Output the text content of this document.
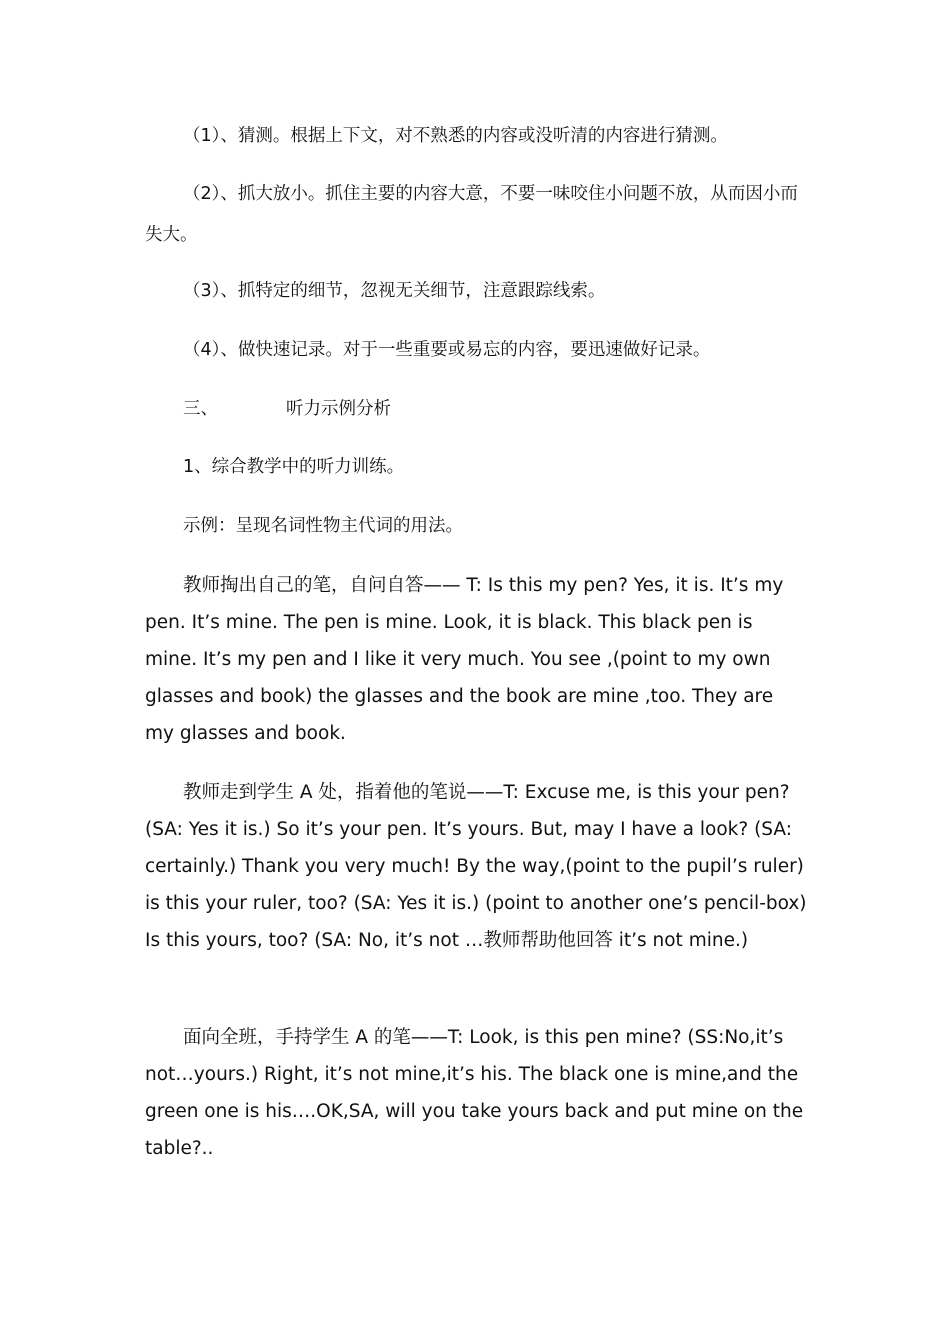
（1）、猜测。根据上下文，对不熟悉的内容或没听清的内容进行猜测。

（2）、抓大放小。抓住主要的内容大意，不要一味咬住小问题不放，从而因小而失大。

（3）、抓特定的细节，忽视无关细节，注意跟踪线索。

（4）、做快速记录。对于一些重要或易忘的内容，要迅速做好记录。

三、	听力示例分析

1、综合教学中的听力训练。

示例：呈现名词性物主代词的用法。

教师掏出自己的笔，自问自答—— T: Is this my pen? Yes, it is. It’s my pen. It’s mine. The pen is mine. Look, it is black. This black pen is mine. It’s my pen and I like it very much. You see ,(point to my own glasses and book) the glasses and the book are mine ,too. They are my glasses and book.

教师走到学生 A 处，指着他的笔说——T: Excuse me, is this your pen? (SA: Yes it is.) So it’s your pen. It’s yours. But, may I have a look? (SA: certainly.) Thank you very much! By the way,(point to the pupil’s ruler) is this your ruler, too? (SA: Yes it is.) (point to another one’s pencil-box) Is this yours, too? (SA: No, it’s not …教师帮助他回答 it’s not mine.)

面向全班，手持学生 A 的笔——T: Look, is this pen mine? (SS:No,it’s not…yours.) Right, it’s not mine,it’s his. The black one is mine,and the green one is his….OK,SA, will you take yours back and put mine on the table?..
